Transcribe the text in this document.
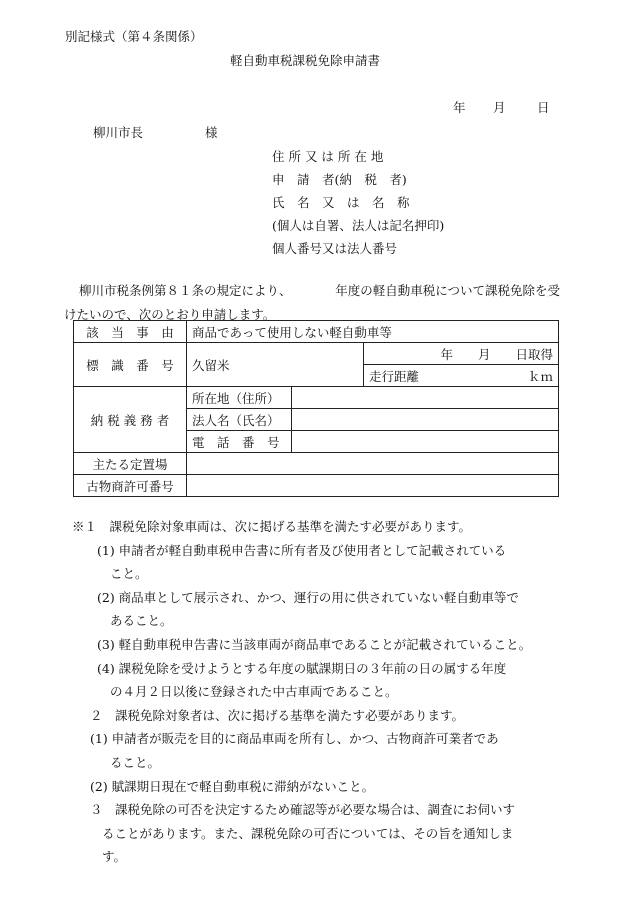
別記様式（第４条関係）
軽自動車税課税免除申請書
年 月	日
柳川市長	様
住 所 又 は 所 在 地
申　請　者(納　税　者)
氏　名　又　は　名　称
(個人は自署、法人は記名押印)
個人番号又は法人番号
柳川市税条例第８１条の規定により、　　　　年度の軽自動車税について課税免除を受けたいので、次のとおり申請します。
該　当　事　由	商品であって使用しない軽自動車等		
標　識　番　号	久留米		年　　月　　日取得
			走行距離 ｋｍ

納 税 義 務 者	所在地（住所）		
	法人名（氏名）		
	電　話　番　号		
主たる定置場			
古物商許可番号			
※１　課税免除対象車両は、次に掲げる基準を満たす必要があります。
(1) 申請者が軽自動車税申告書に所有者及び使用者として記載されている
こと。
(2) 商品車として展示され、かつ、運行の用に供されていない軽自動車等で
あること。
(3) 軽自動車税申告書に当該車両が商品車であることが記載されていること。
(4) 課税免除を受けようとする年度の賦課期日の３年前の日の属する年度
の４月２日以後に登録された中古車両であること。
２　課税免除対象者は、次に掲げる基準を満たす必要があります。
(1) 申請者が販売を目的に商品車両を所有し、かつ、古物商許可業者であ
ること。
(2) 賦課期日現在で軽自動車税に滞納がないこと。
３　課税免除の可否を決定するため確認等が必要な場合は、調査にお伺いす
ることがあります。また、課税免除の可否については、その旨を通知しま
す。
